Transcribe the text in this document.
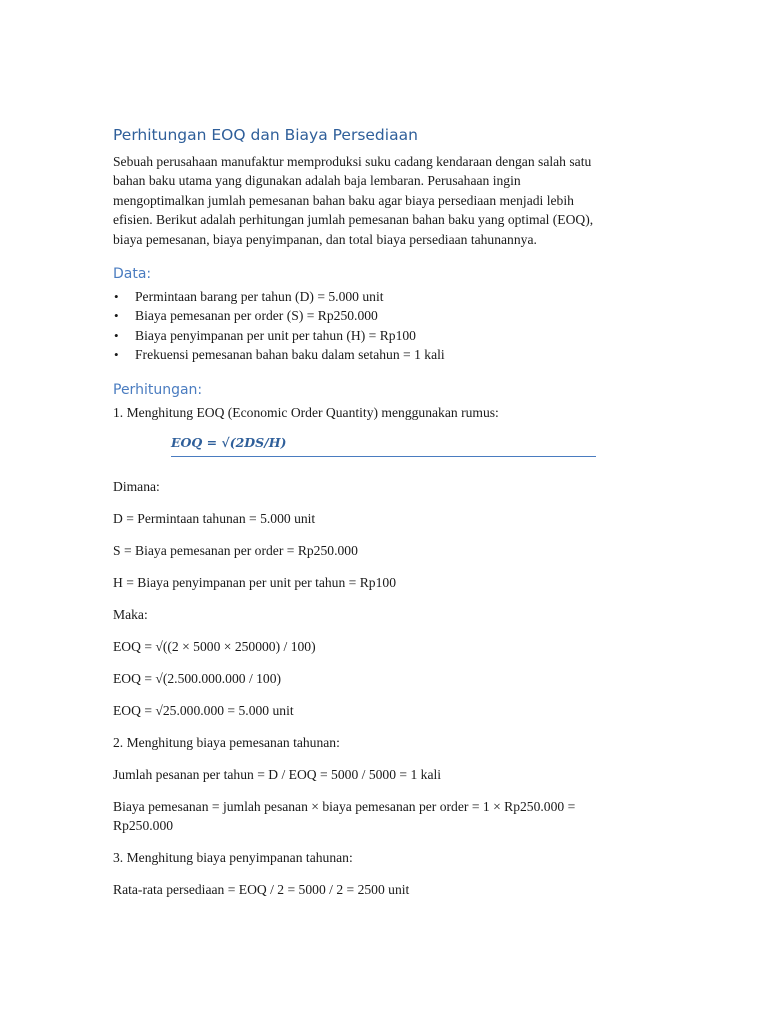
Perhitungan EOQ dan Biaya Persediaan

Sebuah perusahaan manufaktur memproduksi suku cadang kendaraan dengan salah satu

bahan baku utama yang digunakan adalah baja lembaran. Perusahaan ingin

mengoptimalkan jumlah pemesanan bahan baku agar biaya persediaan menjadi lebih

efisien. Berikut adalah perhitungan jumlah pemesanan bahan baku yang optimal (EOQ),

biaya pemesanan, biaya penyimpanan, dan total biaya persediaan tahunannya.

Data:
• Permintaan barang per tahun (D) = 5.000 unit
• Biaya pemesanan per order (S) = Rp250.000
• Biaya penyimpanan per unit per tahun (H) = Rp100
• Frekuensi pemesanan bahan baku dalam setahun = 1 kali
Perhitungan:

1. Menghitung EOQ (Economic Order Quantity) menggunakan rumus:

EOQ = √(2DS/H)

Dimana:

D = Permintaan tahunan = 5.000 unit

S = Biaya pemesanan per order = Rp250.000

H = Biaya penyimpanan per unit per tahun = Rp100

Maka:

EOQ = √((2 × 5000 × 250000) / 100)

EOQ = √(2.500.000.000 / 100)

EOQ = √25.000.000 = 5.000 unit

2. Menghitung biaya pemesanan tahunan:

Jumlah pesanan per tahun = D / EOQ = 5000 / 5000 = 1 kali

Biaya pemesanan = jumlah pesanan × biaya pemesanan per order = 1 × Rp250.000 =

Rp250.000

3. Menghitung biaya penyimpanan tahunan:

Rata-rata persediaan = EOQ / 2 = 5000 / 2 = 2500 unit
